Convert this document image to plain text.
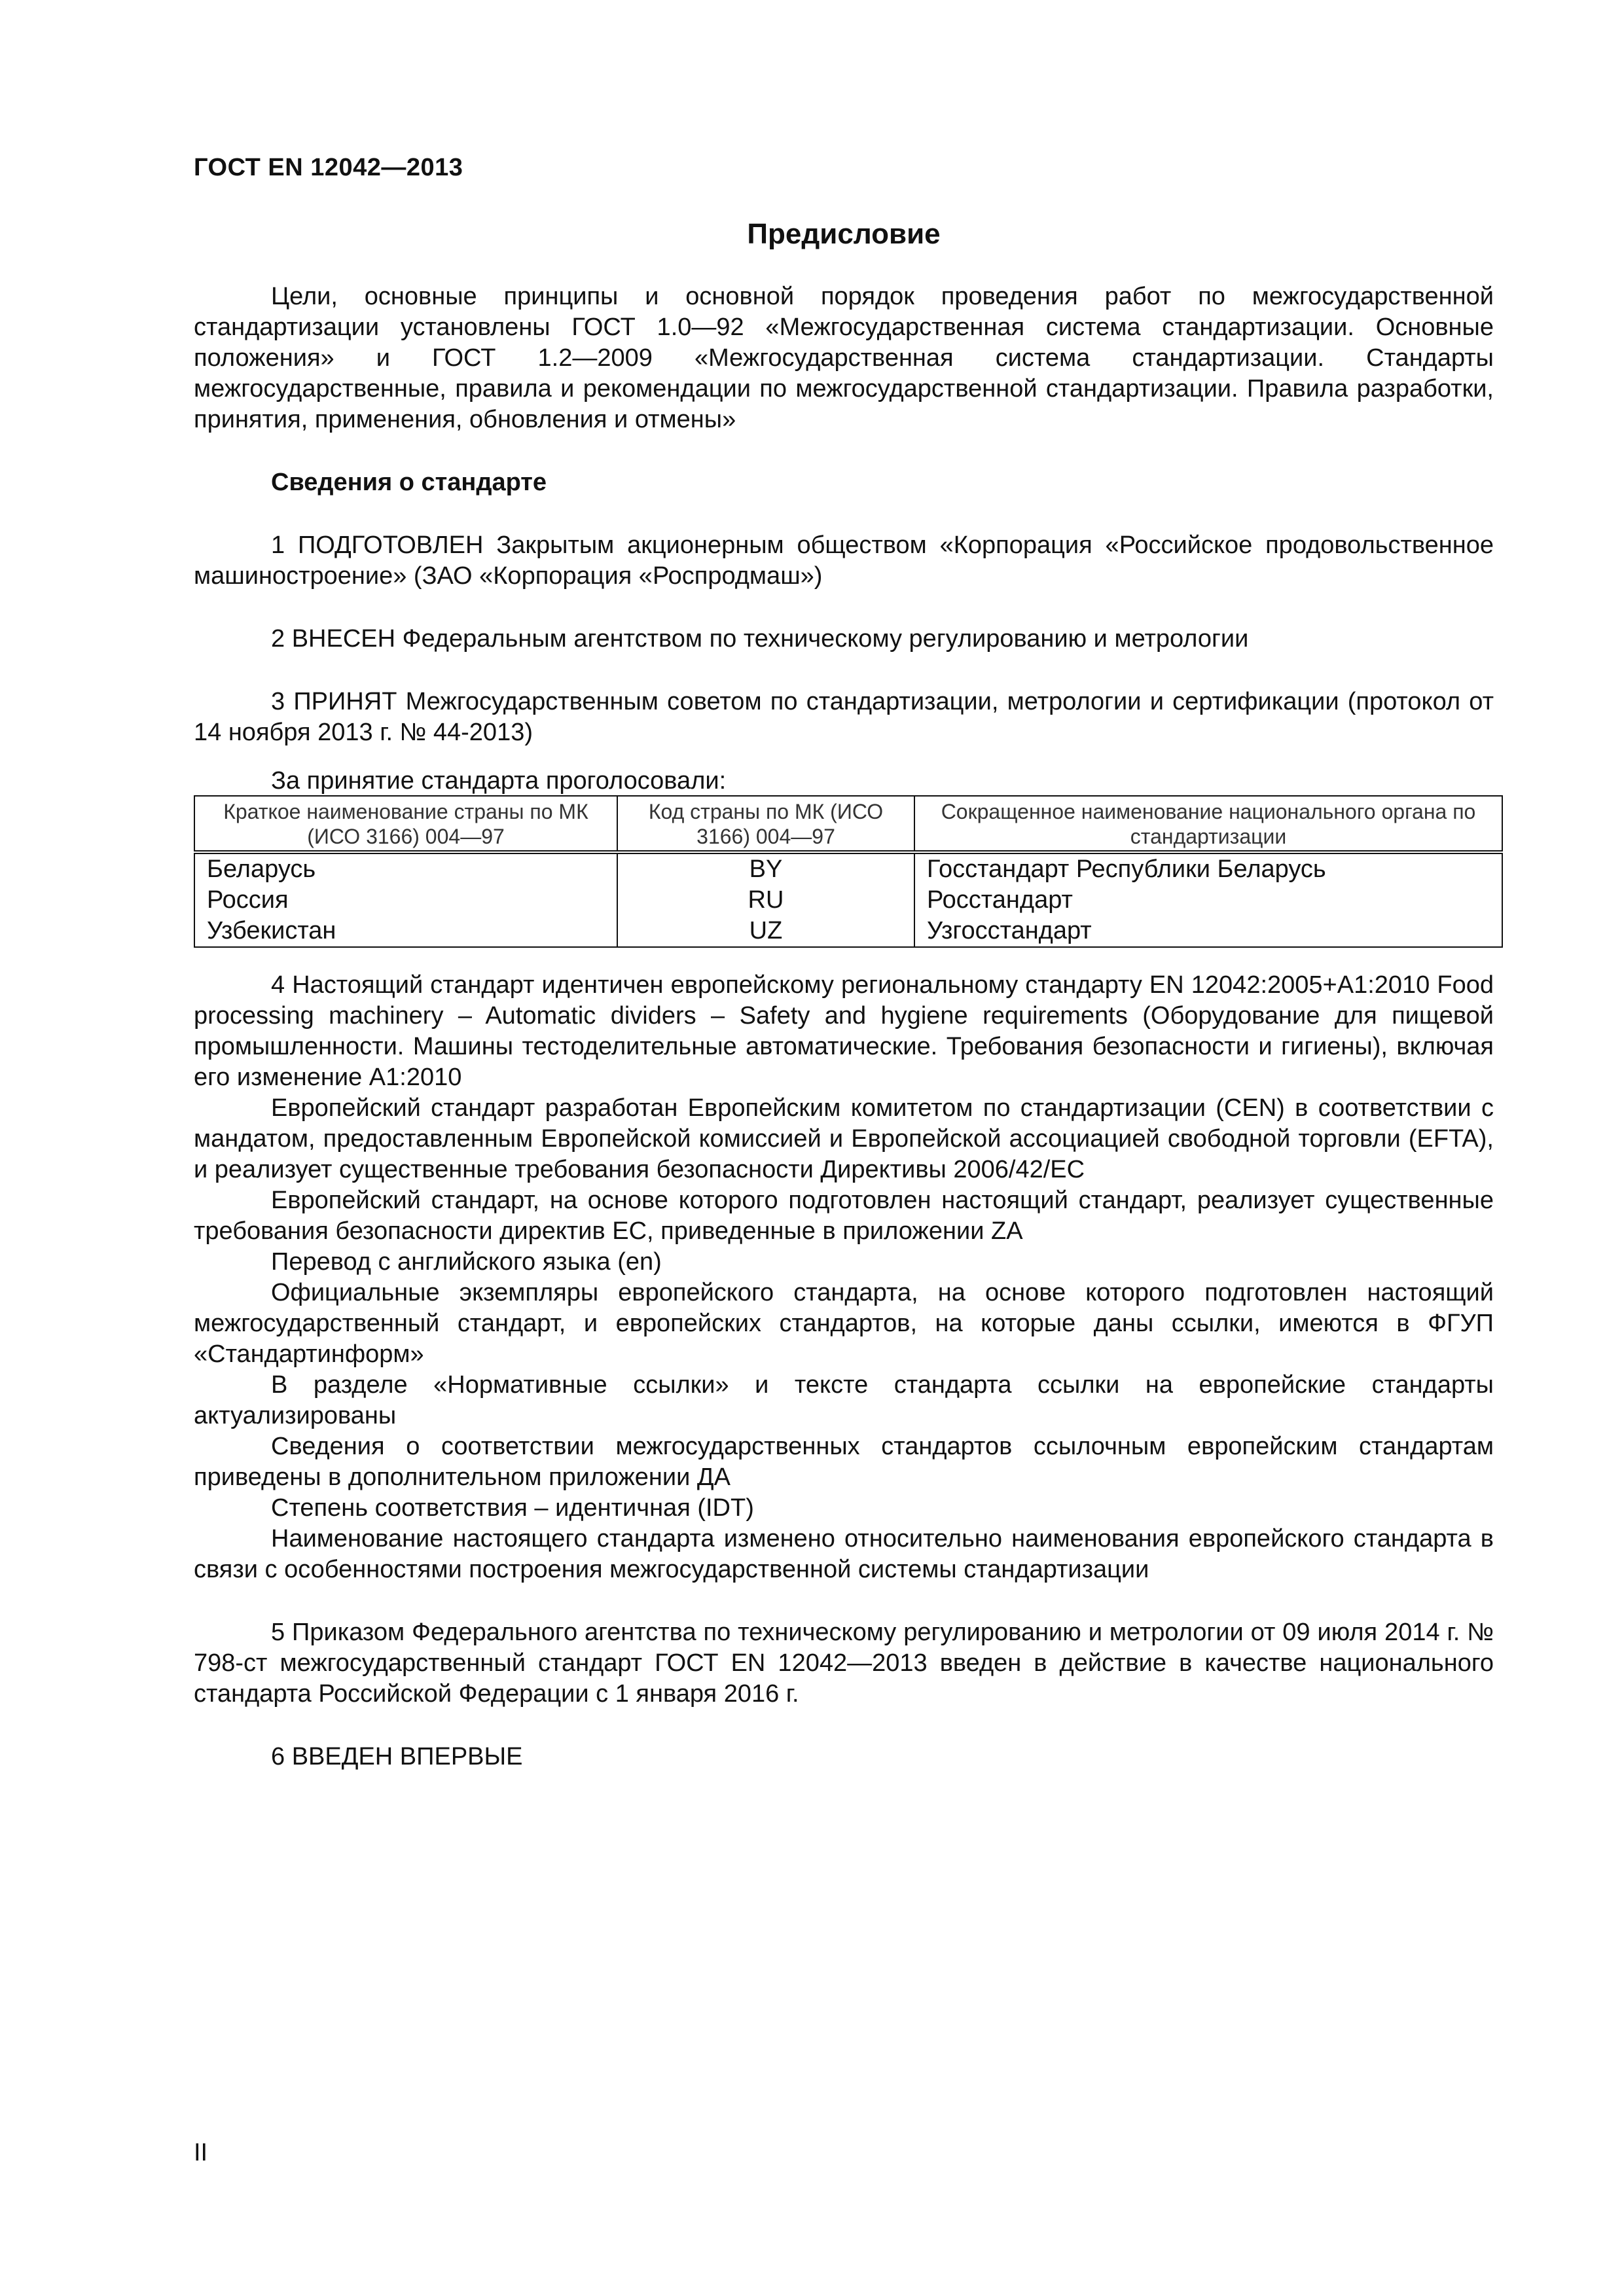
ГОСТ EN 12042—2013
Предисловие

Цели, основные принципы и основной порядок проведения работ по межгосударственной стандартизации установлены ГОСТ 1.0—92 «Межгосударственная система стандартизации. Основные положения» и ГОСТ 1.2—2009 «Межгосударственная система стандартизации. Стандарты межгосударственные, правила и рекомендации по межгосударственной стандартизации. Правила разработки, принятия, применения, обновления и отмены»

Сведения о стандарте

1 ПОДГОТОВЛЕН Закрытым акционерным обществом «Корпорация «Российское продовольственное машиностроение» (ЗАО «Корпорация «Роспродмаш»)

2 ВНЕСЕН Федеральным агентством по техническому регулированию и метрологии

3 ПРИНЯТ Межгосударственным советом по стандартизации, метрологии и сертификации (протокол от 14 ноября 2013 г. № 44-2013)

За принятие стандарта проголосовали:

Краткое наименование страны по МК (ИСО 3166) 004—97	Код страны по МК (ИСО 3166) 004—97	Сокращенное наименование национального органа по стандартизации
Беларусь	BY	Госстандарт Республики Беларусь
Россия	RU	Росстандарт
Узбекистан	UZ	Узгосстандарт

4 Настоящий стандарт идентичен европейскому региональному стандарту EN 12042:2005+A1:2010 Food processing machinery – Automatic dividers – Safety and hygiene requirements (Оборудование для пищевой промышленности. Машины тестоделительные автоматические. Требования безопасности и гигиены), включая его изменение A1:2010

Европейский стандарт разработан Европейским комитетом по стандартизации (CEN) в соответствии с мандатом, предоставленным Европейской комиссией и Европейской ассоциацией свободной торговли (EFTA), и реализует существенные требования безопасности Директивы 2006/42/ЕС

Европейский стандарт, на основе которого подготовлен настоящий стандарт, реализует существенные требования безопасности директив ЕС, приведенные в приложении ZA

Перевод с английского языка (en)

Официальные экземпляры европейского стандарта, на основе которого подготовлен настоящий межгосударственный стандарт, и европейских стандартов, на которые даны ссылки, имеются в ФГУП «Стандартинформ»

В разделе «Нормативные ссылки» и тексте стандарта ссылки на европейские стандарты актуализированы

Сведения о соответствии межгосударственных стандартов ссылочным европейским стандартам приведены в дополнительном приложении ДА

Степень соответствия – идентичная (IDT)

Наименование настоящего стандарта изменено относительно наименования европейского стандарта в связи с особенностями построения межгосударственной системы стандартизации

5 Приказом Федерального агентства по техническому регулированию и метрологии от 09 июля 2014 г. № 798-ст межгосударственный стандарт ГОСТ EN 12042—2013 введен в действие в качестве национального стандарта Российской Федерации с 1 января 2016 г.

6 ВВЕДЕН ВПЕРВЫЕ

II
